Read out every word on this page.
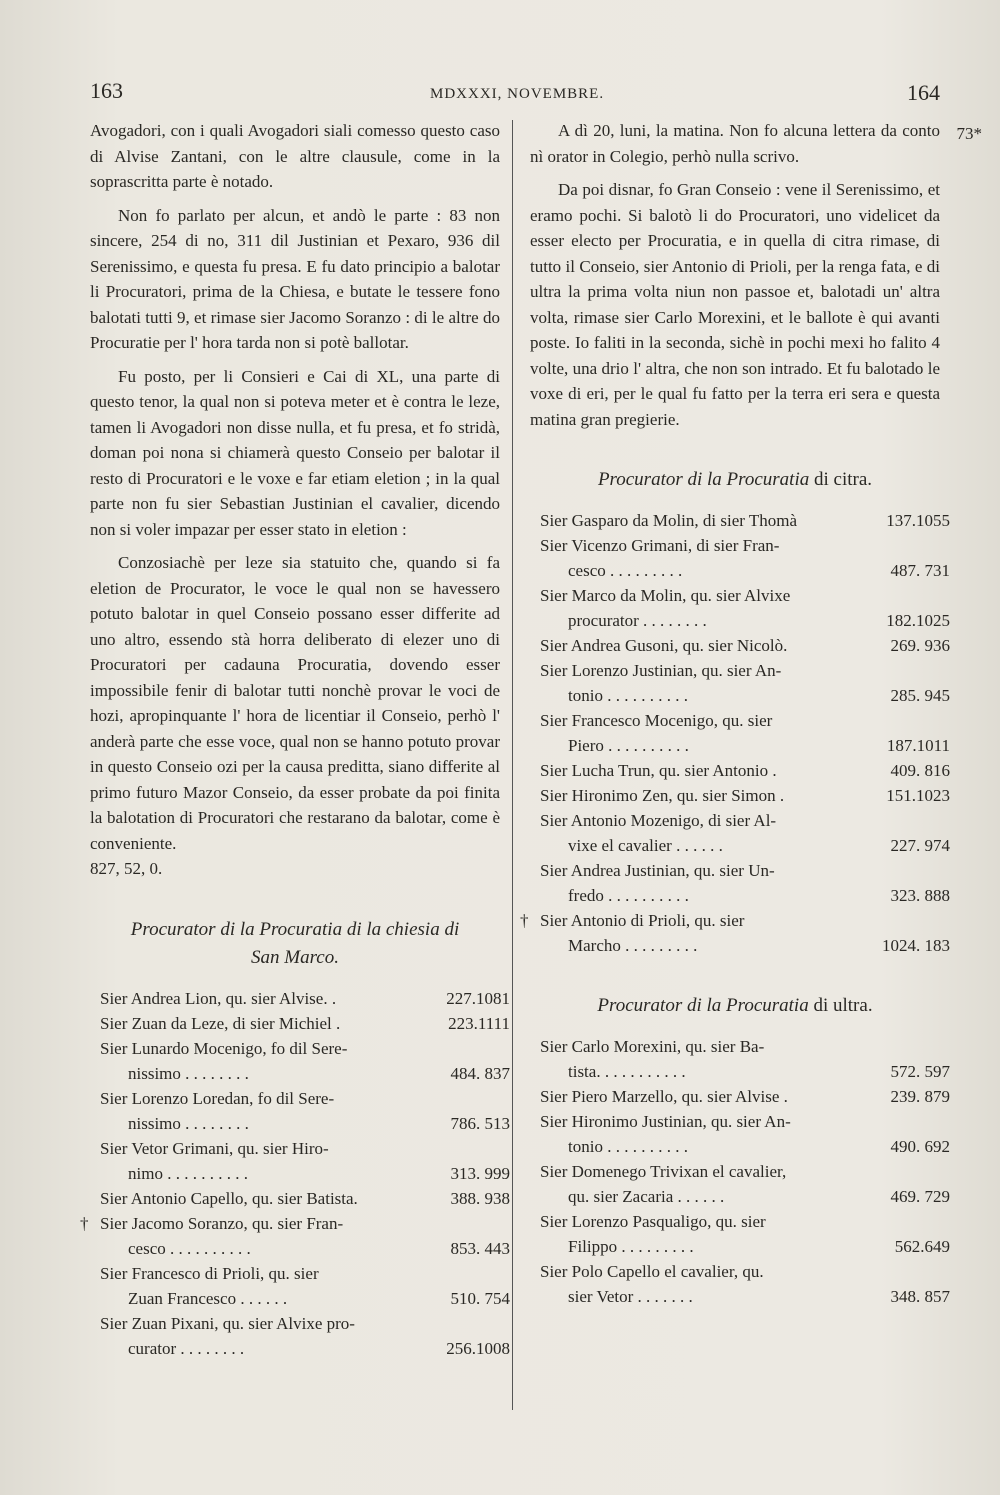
163	MDXXXI, NOVEMBRE.	164
73*

Avogadori, con i quali Avogadori siali comesso questo caso di Alvise Zantani, con le altre clausule, come in la soprascritta parte è notado.

Non fo parlato per alcun, et andò le parte : 83 non sincere, 254 di no, 311 dil Justinian et Pexaro, 936 dil Serenissimo, e questa fu presa. E fu dato principio a balotar li Procuratori, prima de la Chiesa, e butate le tessere fono balotati tutti 9, et rimase sier Jacomo Soranzo : di le altre do Procuratie per l' hora tarda non si potè ballotar.

Fu posto, per li Consieri e Cai di XL, una parte di questo tenor, la qual non si poteva meter et è contra le leze, tamen li Avogadori non disse nulla, et fu presa, et fo stridà, doman poi nona si chiamerà questo Conseio per balotar il resto di Procuratori e le voxe e far etiam eletion ; in la qual parte non fu sier Sebastian Justinian el cavalier, dicendo non si voler impazar per esser stato in eletion :

Conzosiachè per leze sia statuito che, quando si fa eletion de Procurator, le voce le qual non se havessero potuto balotar in quel Conseio possano esser differite ad uno altro, essendo stà horra deliberato di elezer uno di Procuratori per cadauna Procuratia, dovendo esser impossibile fenir di balotar tutti nonchè provar le voci de hozi, apropinquante l' hora de licentiar il Conseio, perhò l' anderà parte che esse voce, qual non se hanno potuto provar in questo Conseio ozi per la causa preditta, siano differite al primo futuro Mazor Conseio, da esser probate da poi finita la balotation di Procuratori che restarano da balotar, come è conveniente.

827, 52, 0.

Procurator di la Procuratia di la chiesia di
San Marco.
Sier Andrea Lion, qu. sier Alvise. .	227.1081

Sier Zuan da Leze, di sier Michiel .	223.1111

Sier Lunardo Mocenigo, fo dil Sere-
nissimo . . . . . . . .	484. 837

Sier Lorenzo Loredan, fo dil Sere-
nissimo . . . . . . . .	786. 513

Sier Vetor Grimani, qu. sier Hiro-
nimo . . . . . . . . . .	313. 999

Sier Antonio Capello, qu. sier Batista.	388. 938

† Sier Jacomo Soranzo, qu. sier Fran-
cesco . . . . . . . . . .	853. 443

Sier Francesco di Prioli, qu. sier
Zuan Francesco . . . . . .	510. 754

Sier Zuan Pixani, qu. sier Alvixe pro-
curator . . . . . . . .	256.1008

A dì 20, luni, la matina. Non fo alcuna lettera da conto nì orator in Colegio, perhò nulla scrivo.

Da poi disnar, fo Gran Conseio : vene il Serenissimo, et eramo pochi. Si balotò li do Procuratori, uno videlicet da esser electo per Procuratia, e in quella di citra rimase, di tutto il Conseio, sier Antonio di Prioli, per la renga fata, e di ultra la prima volta niun non passoe et, balotadi un' altra volta, rimase sier Carlo Morexini, et le ballote è qui avanti poste. Io faliti in la seconda, sichè in pochi mexi ho falito 4 volte, una drio l' altra, che non son intrado. Et fu balotado le voxe di eri, per le qual fu fatto per la terra eri sera e questa matina gran pregierie.

Procurator di la Procuratia di citra.
Sier Gasparo da Molin, di sier Thomà	137.1055

Sier Vicenzo Grimani, di sier Fran-
cesco . . . . . . . . .	487. 731

Sier Marco da Molin, qu. sier Alvixe
procurator . . . . . . . .	182.1025

Sier Andrea Gusoni, qu. sier Nicolò.	269. 936

Sier Lorenzo Justinian, qu. sier An-
tonio . . . . . . . . . .	285. 945

Sier Francesco Mocenigo, qu. sier
Piero . . . . . . . . . .	187.1011

Sier Lucha Trun, qu. sier Antonio .	409. 816

Sier Hironimo Zen, qu. sier Simon .	151.1023

Sier Antonio Mozenigo, di sier Al-
vixe el cavalier . . . . . .	227. 974

Sier Andrea Justinian, qu. sier Un-
fredo . . . . . . . . . .	323. 888

† Sier Antonio di Prioli, qu. sier
Marcho . . . . . . . . .	1024. 183
Procurator di la Procuratia di ultra.
Sier Carlo Morexini, qu. sier Ba-
tista. . . . . . . . . . .	572. 597

Sier Piero Marzello, qu. sier Alvise .	239. 879

Sier Hironimo Justinian, qu. sier An-
tonio . . . . . . . . . .	490. 692

Sier Domenego Trivixan el cavalier,
qu. sier Zacaria . . . . . .	469. 729

Sier Lorenzo Pasqualigo, qu. sier
Filippo . . . . . . . . .	562.649

Sier Polo Capello el cavalier, qu.
sier Vetor . . . . . . .	348. 857
